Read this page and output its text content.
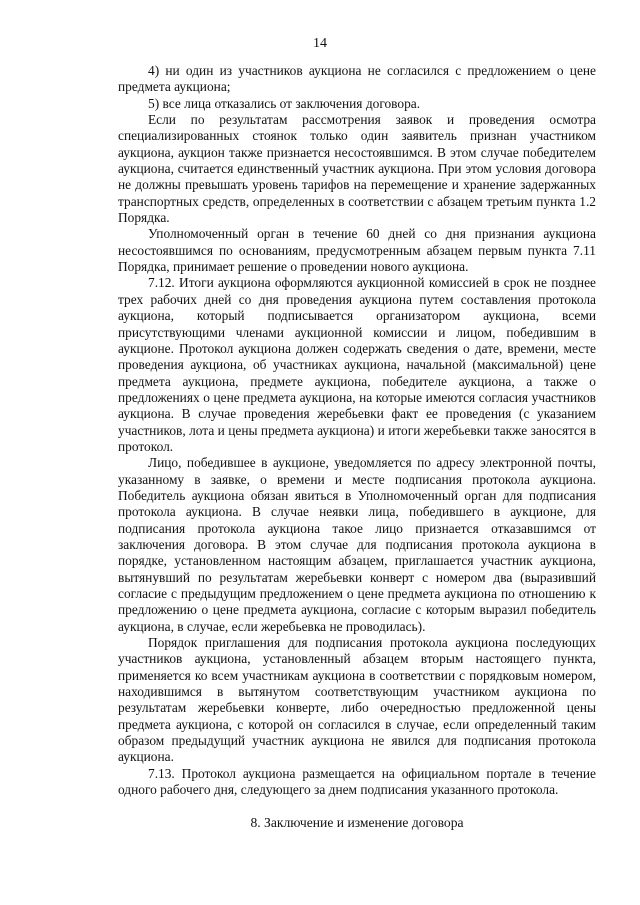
14

4) ни один из участников аукциона не согласился с предложением о цене предмета аукциона;

5) все лица отказались от заключения договора.

Если по результатам рассмотрения заявок и проведения осмотра специализированных стоянок только один заявитель признан участником аукциона, аукцион также признается несостоявшимся. В этом случае победителем аукциона, считается единственный участник аукциона. При этом условия договора не должны превышать уровень тарифов на перемещение и хранение задержанных транспортных средств, определенных в соответствии с абзацем третьим пункта 1.2 Порядка.

Уполномоченный орган в течение 60 дней со дня признания аукциона несостоявшимся по основаниям, предусмотренным абзацем первым пункта 7.11 Порядка, принимает решение о проведении нового аукциона.

7.12. Итоги аукциона оформляются аукционной комиссией в срок не позднее трех рабочих дней со дня проведения аукциона путем составления протокола аукциона, который подписывается организатором аукциона, всеми присутствующими членами аукционной комиссии и лицом, победившим в аукционе. Протокол аукциона должен содержать сведения о дате, времени, месте проведения аукциона, об участниках аукциона, начальной (максимальной) цене предмета аукциона, предмете аукциона, победителе аукциона, а также о предложениях о цене предмета аукциона, на которые имеются согласия участников аукциона. В случае проведения жеребьевки факт ее проведения (с указанием участников, лота и цены предмета аукциона) и итоги жеребьевки также заносятся в протокол.

Лицо, победившее в аукционе, уведомляется по адресу электронной почты, указанному в заявке, о времени и месте подписания протокола аукциона. Победитель аукциона обязан явиться в Уполномоченный орган для подписания протокола аукциона. В случае неявки лица, победившего в аукционе, для подписания протокола аукциона такое лицо признается отказавшимся от заключения договора. В этом случае для подписания протокола аукциона в порядке, установленном настоящим абзацем, приглашается участник аукциона, вытянувший по результатам жеребьевки конверт с номером два (выразивший согласие с предыдущим предложением о цене предмета аукциона по отношению к предложению о цене предмета аукциона, согласие с которым выразил победитель аукциона, в случае, если жеребьевка не проводилась).

Порядок приглашения для подписания протокола аукциона последующих участников аукциона, установленный абзацем вторым настоящего пункта, применяется ко всем участникам аукциона в соответствии с порядковым номером, находившимся в вытянутом соответствующим участником аукциона по результатам жеребьевки конверте, либо очередностью предложенной цены предмета аукциона, с которой он согласился в случае, если определенный таким образом предыдущий участник аукциона не явился для подписания протокола аукциона.

7.13. Протокол аукциона размещается на официальном портале в течение одного рабочего дня, следующего за днем подписания указанного протокола.

8. Заключение и изменение договора
